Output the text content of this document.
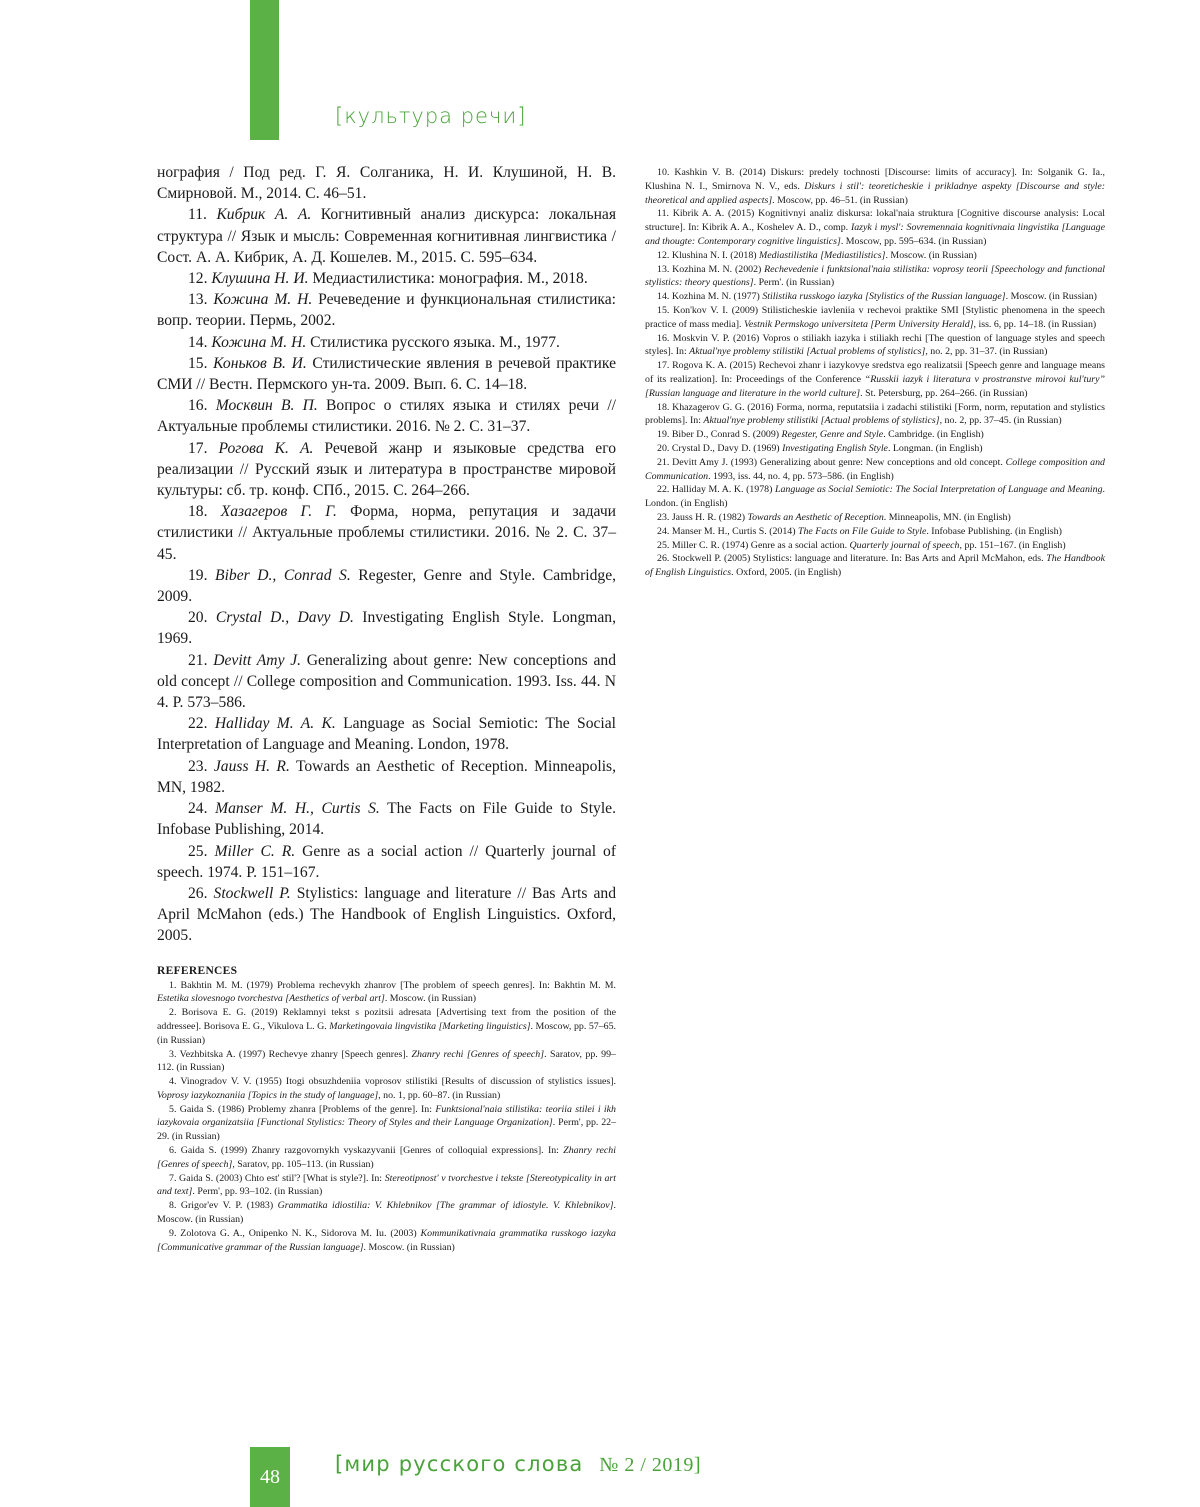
[культура речи]

нография / Под ред. Г. Я. Солганика, Н. И. Клушиной, Н. В. Смирновой. М., 2014. С. 46–51.

11. Кибрик А. А. Когнитивный анализ дискурса: локальная структура // Язык и мысль: Современная когнитивная лингвистика / Сост. А. А. Кибрик, А. Д. Кошелев. М., 2015. С. 595–634.

12. Клушина Н. И. Медиастилистика: монография. М., 2018.

13. Кожина М. Н. Речеведение и функциональная стилистика: вопр. теории. Пермь, 2002.

14. Кожина М. Н. Стилистика русского языка. М., 1977.

15. Коньков В. И. Стилистические явления в речевой практике СМИ // Вестн. Пермского ун-та. 2009. Вып. 6. С. 14–18.

16. Москвин В. П. Вопрос о стилях языка и стилях речи // Актуальные проблемы стилистики. 2016. № 2. С. 31–37.

17. Рогова К. А. Речевой жанр и языковые средства его реализации // Русский язык и литература в пространстве мировой культуры: сб. тр. конф. СПб., 2015. С. 264–266.

18. Хазагеров Г. Г. Форма, норма, репутация и задачи стилистики // Актуальные проблемы стилистики. 2016. № 2. С. 37–45.

19. Biber D., Conrad S. Regester, Genre and Style. Cambridge, 2009.

20. Crystal D., Davy D. Investigating English Style. Longman, 1969.

21. Devitt Amy J. Generalizing about genre: New conceptions and old concept // College composition and Communication. 1993. Iss. 44. N 4. P. 573–586.

22. Halliday M. A. K. Language as Social Semiotic: The Social Interpretation of Language and Meaning. London, 1978.

23. Jauss H. R. Towards an Aesthetic of Reception. Minneapolis, MN, 1982.

24. Manser M. H., Curtis S. The Facts on File Guide to Style. Infobase Publishing, 2014.

25. Miller C. R. Genre as a social action // Quarterly journal of speech. 1974. P. 151–167.

26. Stockwell P. Stylistics: language and literature // Bas Arts and April McMahon (eds.) The Handbook of English Linguistics. Oxford, 2005.

REFERENCES

1. Bakhtin M. M. (1979) Problema rechevykh zhanrov [The problem of speech genres]. In: Bakhtin M. M. Estetika slovesnogo tvorchestva [Aesthetics of verbal art]. Moscow. (in Russian)

2. Borisova E. G. (2019) Reklamnyi tekst s pozitsii adresata [Advertising text from the position of the addressee]. Borisova E. G., Vikulova L. G. Marketingovaia lingvistika [Marketing linguistics]. Moscow, pp. 57–65. (in Russian)

3. Vezhbitska A. (1997) Rechevye zhanry [Speech genres]. Zhanry rechi [Genres of speech]. Saratov, pp. 99–112. (in Russian)

4. Vinogradov V. V. (1955) Itogi obsuzhdeniia voprosov stilistiki [Results of discussion of stylistics issues]. Voprosy iazykoznaniia [Topics in the study of language], no. 1, pp. 60–87. (in Russian)

5. Gaida S. (1986) Problemy zhanra [Problems of the genre]. In: Funktsional'naia stilistika: teoriia stilei i ikh iazykovaia organizatsiia [Functional Stylistics: Theory of Styles and their Language Organization]. Perm', pp. 22–29. (in Russian)

6. Gaida S. (1999) Zhanry razgovornykh vyskazyvanii [Genres of colloquial expressions]. In: Zhanry rechi [Genres of speech], Saratov, pp. 105–113. (in Russian)

7. Gaida S. (2003) Chto est' stil'? [What is style?]. In: Stereotipnost' v tvorchestve i tekste [Stereotypicality in art and text]. Perm', pp. 93–102. (in Russian)

8. Grigor'ev V. P. (1983) Grammatika idiostilia: V. Khlebnikov [The grammar of idiostyle. V. Khlebnikov]. Moscow. (in Russian)

9. Zolotova G. A., Onipenko N. K., Sidorova M. Iu. (2003) Kommunikativnaia grammatika russkogo iazyka [Communicative grammar of the Russian language]. Moscow. (in Russian)

10. Kashkin V. B. (2014) Diskurs: predely tochnosti [Discourse: limits of accuracy]. In: Solganik G. Ia., Klushina N. I., Smirnova N. V., eds. Diskurs i stil': teoreticheskie i prikladnye aspekty [Discourse and style: theoretical and applied aspects]. Moscow, pp. 46–51. (in Russian)

11. Kibrik A. A. (2015) Kognitivnyi analiz diskursa: lokal'naia struktura [Cognitive discourse analysis: Local structure]. In: Kibrik A. A., Koshelev A. D., comp. Iazyk i mysl': Sovremennaia kognitivnaia lingvistika [Language and thougte: Contemporary cognitive linguistics]. Moscow, pp. 595–634. (in Russian)

12. Klushina N. I. (2018) Mediastilistika [Mediastilistics]. Moscow. (in Russian)

13. Kozhina M. N. (2002) Rechevedenie i funktsional'naia stilistika: voprosy teorii [Speechology and functional stylistics: theory questions]. Perm'. (in Russian)

14. Kozhina M. N. (1977) Stilistika russkogo iazyka [Stylistics of the Russian language]. Moscow. (in Russian)

15. Kon'kov V. I. (2009) Stilisticheskie iavleniia v rechevoi praktike SMI [Stylistic phenomena in the speech practice of mass media]. Vestnik Permskogo universiteta [Perm University Herald], iss. 6, pp. 14–18. (in Russian)

16. Moskvin V. P. (2016) Vopros o stiliakh iazyka i stiliakh rechi [The question of language styles and speech styles]. In: Aktual'nye problemy stilistiki [Actual problems of stylistics], no. 2, pp. 31–37. (in Russian)

17. Rogova K. A. (2015) Rechevoi zhanr i iazykovye sredstva ego realizatsii [Speech genre and language means of its realization]. In: Proceedings of the Conference “Russkii iazyk i literatura v prostranstve mirovoi kul'tury” [Russian language and literature in the world culture]. St. Petersburg, pp. 264–266. (in Russian)

18. Khazagerov G. G. (2016) Forma, norma, reputatsiia i zadachi stilistiki [Form, norm, reputation and stylistics problems]. In: Aktual'nye problemy stilistiki [Actual problems of stylistics], no. 2, pp. 37–45. (in Russian)

19. Biber D., Conrad S. (2009) Regester, Genre and Style. Cambridge. (in English)

20. Crystal D., Davy D. (1969) Investigating English Style. Longman. (in English)

21. Devitt Amy J. (1993) Generalizing about genre: New conceptions and old concept. College composition and Communication. 1993, iss. 44, no. 4, pp. 573–586. (in English)

22. Halliday M. A. K. (1978) Language as Social Semiotic: The Social Interpretation of Language and Meaning. London. (in English)

23. Jauss H. R. (1982) Towards an Aesthetic of Reception. Minneapolis, MN. (in English)

24. Manser M. H., Curtis S. (2014) The Facts on File Guide to Style. Infobase Publishing. (in English)

25. Miller C. R. (1974) Genre as a social action. Quarterly journal of speech, pp. 151–167. (in English)

26. Stockwell P. (2005) Stylistics: language and literature. In: Bas Arts and April McMahon, eds. The Handbook of English Linguistics. Oxford, 2005. (in English)

48
[мир русского слова № 2 / 2019]
